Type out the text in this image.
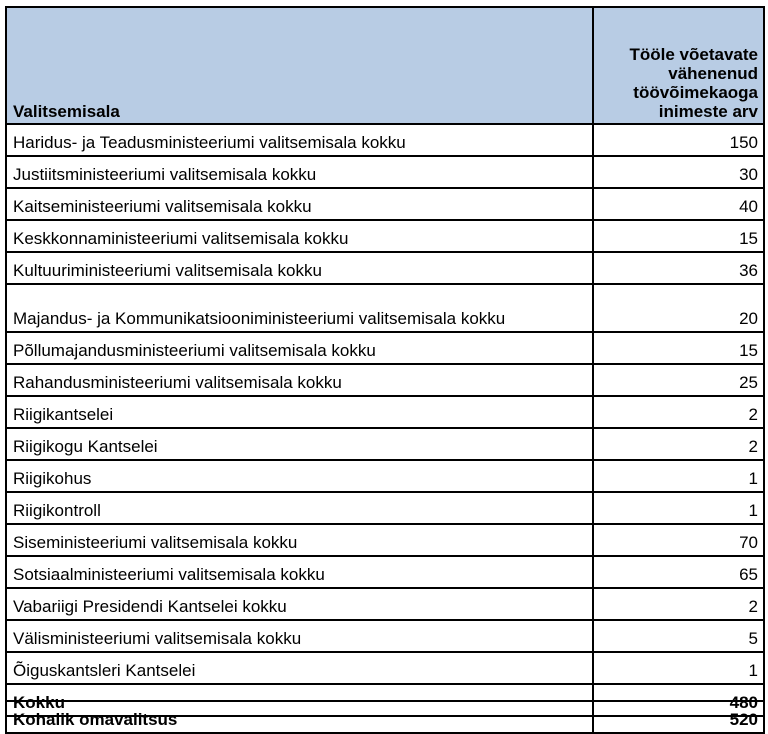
Valitsemisala	Tööle võetavate
vähenenud
töövõimekaoga
inimeste arv
Haridus- ja Teadusministeeriumi valitsemisala kokku	150
Justiitsministeeriumi valitsemisala kokku	30
Kaitseministeeriumi valitsemisala kokku	40
Keskkonnaministeeriumi valitsemisala kokku	15
Kultuuriministeeriumi valitsemisala kokku	36
Majandus- ja Kommunikatsiooniministeeriumi valitsemisala kokku	20
Põllumajandusministeeriumi valitsemisala kokku	15
Rahandusministeeriumi valitsemisala kokku	25
Riigikantselei	2
Riigikogu Kantselei	2
Riigikohus	1
Riigikontroll	1
Siseministeeriumi valitsemisala kokku	70
Sotsiaalministeeriumi valitsemisala kokku	65
Vabariigi Presidendi Kantselei kokku	2
Välisministeeriumi valitsemisala kokku	5
Õiguskantsleri Kantselei	1
Kokku	480
Kohalik omavalitsus	520
